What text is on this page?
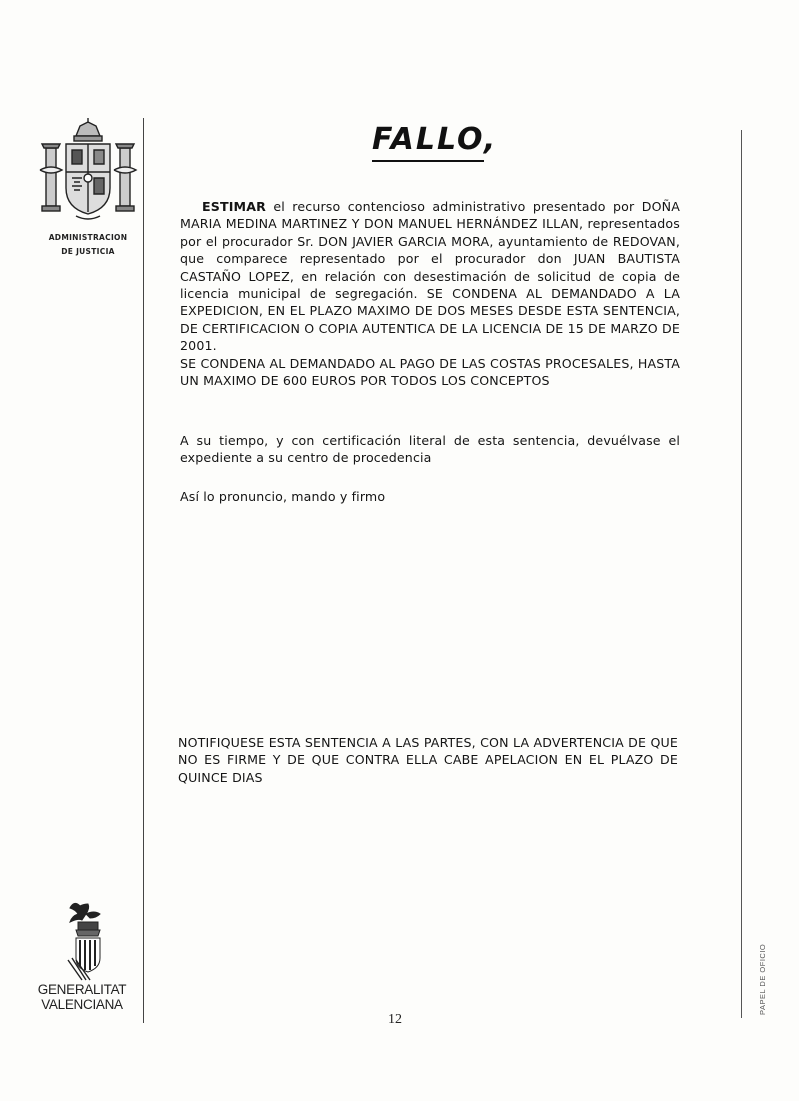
ADMINISTRACION
DE JUSTICIA
FALLO,

ESTIMAR el recurso contencioso administrativo presentado por DOÑA MARIA MEDINA MARTINEZ Y DON MANUEL HERNÁNDEZ ILLAN, representados por el procurador Sr. DON JAVIER GARCIA MORA, ayuntamiento de REDOVAN, que comparece representado por el procurador don JUAN BAUTISTA CASTAÑO LOPEZ, en relación con desestimación de solicitud de copia de licencia municipal de segregación. SE CONDENA AL DEMANDADO A LA EXPEDICION, EN EL PLAZO MAXIMO DE DOS MESES DESDE ESTA SENTENCIA, DE CERTIFICACION O COPIA AUTENTICA DE LA LICENCIA DE 15 DE MARZO DE 2001.

SE CONDENA AL DEMANDADO AL PAGO DE LAS COSTAS PROCESALES, HASTA UN MAXIMO DE 600 EUROS POR TODOS LOS CONCEPTOS

A su tiempo, y con certificación literal de esta sentencia, devuélvase el expediente a su centro de procedencia

Así lo pronuncio, mando y firmo

NOTIFIQUESE ESTA SENTENCIA A LAS PARTES, CON LA ADVERTENCIA DE QUE NO ES FIRME Y DE QUE CONTRA ELLA CABE APELACION EN EL PLAZO DE QUINCE DIAS

GENERALITAT
VALENCIANA
12
PAPEL DE OFICIO
